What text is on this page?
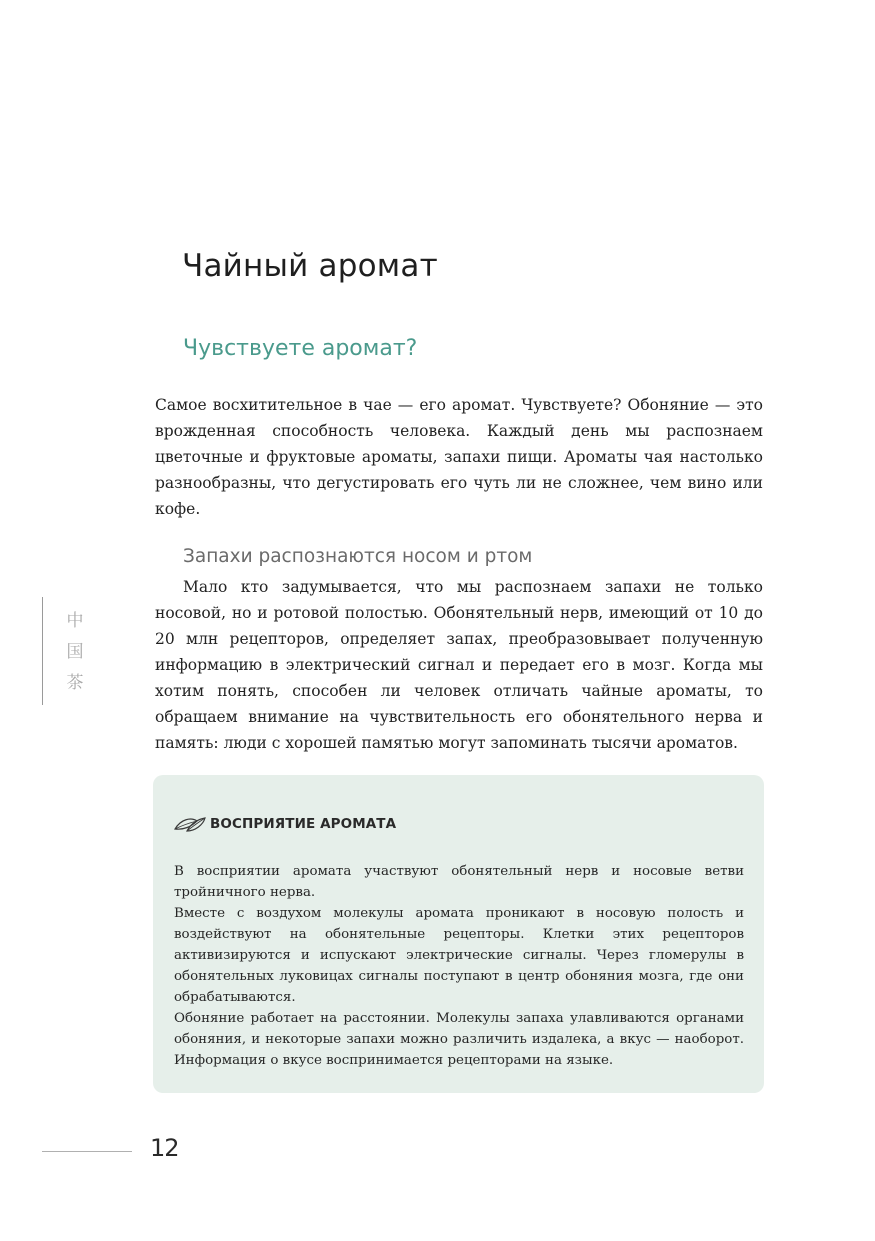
Чайный аромат
Чувствуете аромат?

Самое восхитительное в чае — его аромат. Чувствуете? Обоняние — это врожденная способность человека. Каждый день мы распознаем цветочные и фруктовые ароматы, запахи пищи. Ароматы чая настолько разнообразны, что дегустировать его чуть ли не сложнее, чем вино или кофе.

Запахи распознаются носом и ртом

Мало кто задумывается, что мы распознаем запахи не только носовой, но и ротовой полостью. Обонятельный нерв, имеющий от 10 до 20 млн рецепторов, определяет запах, преобразовывает полученную информацию в электрический сигнал и передает его в мозг. Когда мы хотим понять, способен ли человек отличать чайные ароматы, то обращаем внимание на чувствительность его обонятельного нерва и память: люди с хорошей памятью могут запоминать тысячи ароматов.

中
国
茶
ВОСПРИЯТИЕ АРОМАТА

В восприятии аромата участвуют обонятельный нерв и носовые ветви тройничного нерва.
Вместе с воздухом молекулы аромата проникают в носовую полость и воздействуют на обонятельные рецепторы. Клетки этих рецепторов активизируются и испускают электрические сигналы. Через гломерулы в обонятельных луковицах сигналы поступают в центр обоняния мозга, где они обрабатываются.
Обоняние работает на расстоянии. Молекулы запаха улавливаются органами обоняния, и некоторые запахи можно различить издалека, а вкус — наоборот. Информация о вкусе воспринимается рецепторами на языке.

12
